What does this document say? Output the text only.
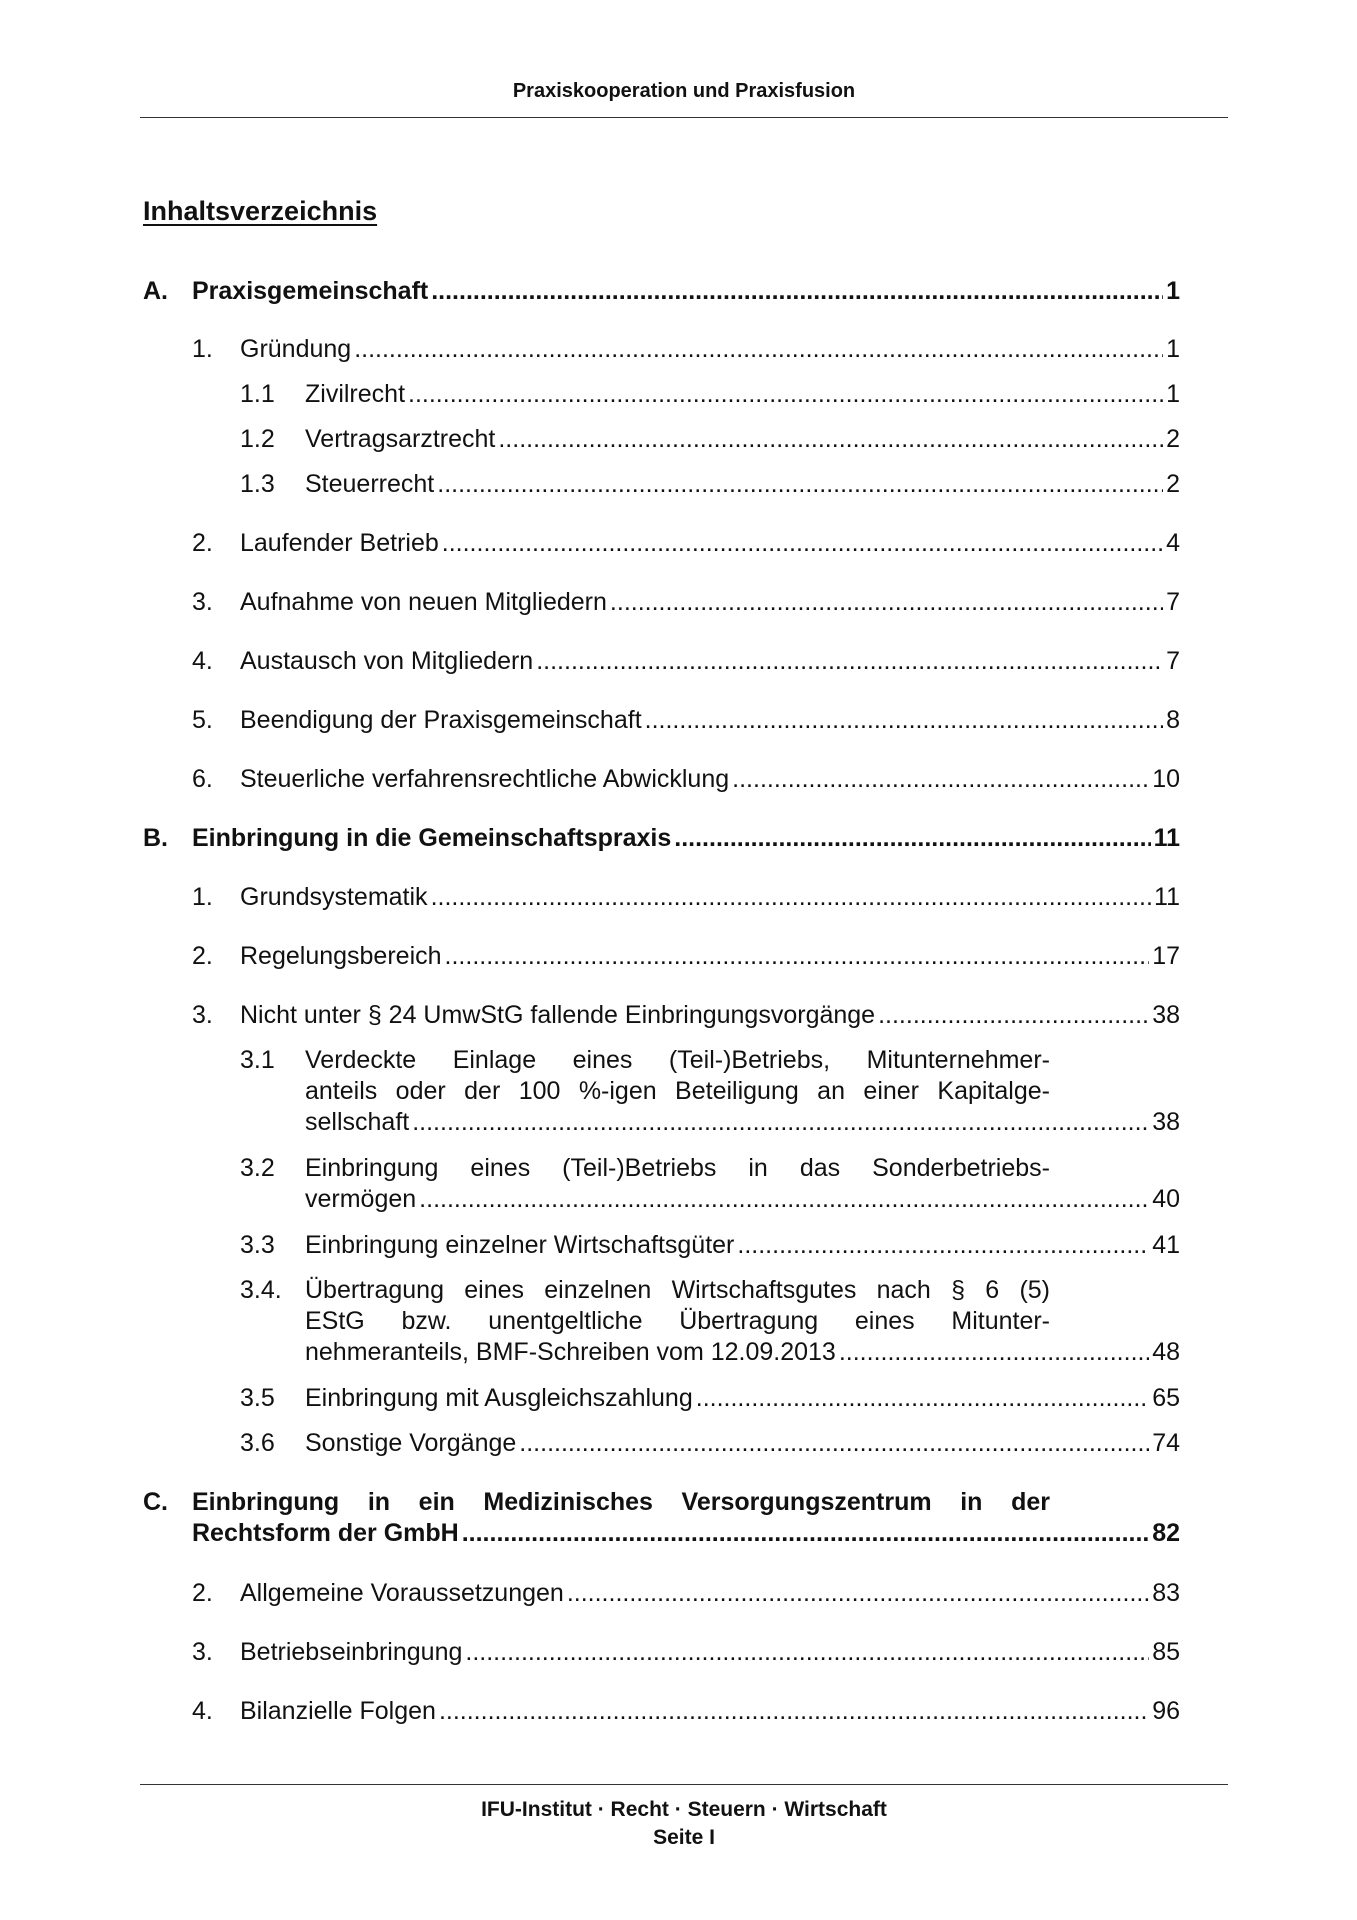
Praxiskooperation und Praxisfusion
Inhaltsverzeichnis
A. Praxisgemeinschaft .....	1
1. Gründung .....	1
1.1 Zivilrecht .....	1
1.2 Vertragsarztrecht .....	2
1.3 Steuerrecht .....	2
2. Laufender Betrieb .....	4
3. Aufnahme von neuen Mitgliedern .....	7
4. Austausch von Mitgliedern .....	7
5. Beendigung der Praxisgemeinschaft .....	8
6. Steuerliche verfahrensrechtliche Abwicklung .....	10
B. Einbringung in die Gemeinschaftspraxis .....	11
1. Grundsystematik .....	11
2. Regelungsbereich .....	17
3. Nicht unter § 24 UmwStG fallende Einbringungsvorgänge .....	38
3.1 Verdeckte Einlage eines (Teil-)Betriebs, Mitunternehmer-
anteils oder der 100 %-igen Beteiligung an einer Kapitalge-
sellschaft .....	38
3.2 Einbringung eines (Teil-)Betriebs in das Sonderbetriebs-
vermögen .....	40
3.3 Einbringung einzelner Wirtschaftsgüter .....	41
3.4. Übertragung eines einzelnen Wirtschaftsgutes nach § 6 (5)
EStG bzw. unentgeltliche Übertragung eines Mitunter-
nehmeranteils, BMF-Schreiben vom 12.09.2013 .....	48
3.5 Einbringung mit Ausgleichszahlung .....	65
3.6 Sonstige Vorgänge .....	74
C. Einbringung in ein Medizinisches Versorgungszentrum in der
Rechtsform der GmbH .....	82
2. Allgemeine Voraussetzungen .....	83
3. Betriebseinbringung .....	85
4. Bilanzielle Folgen .....	96
IFU-Institut · Recht · Steuern · Wirtschaft
Seite I
